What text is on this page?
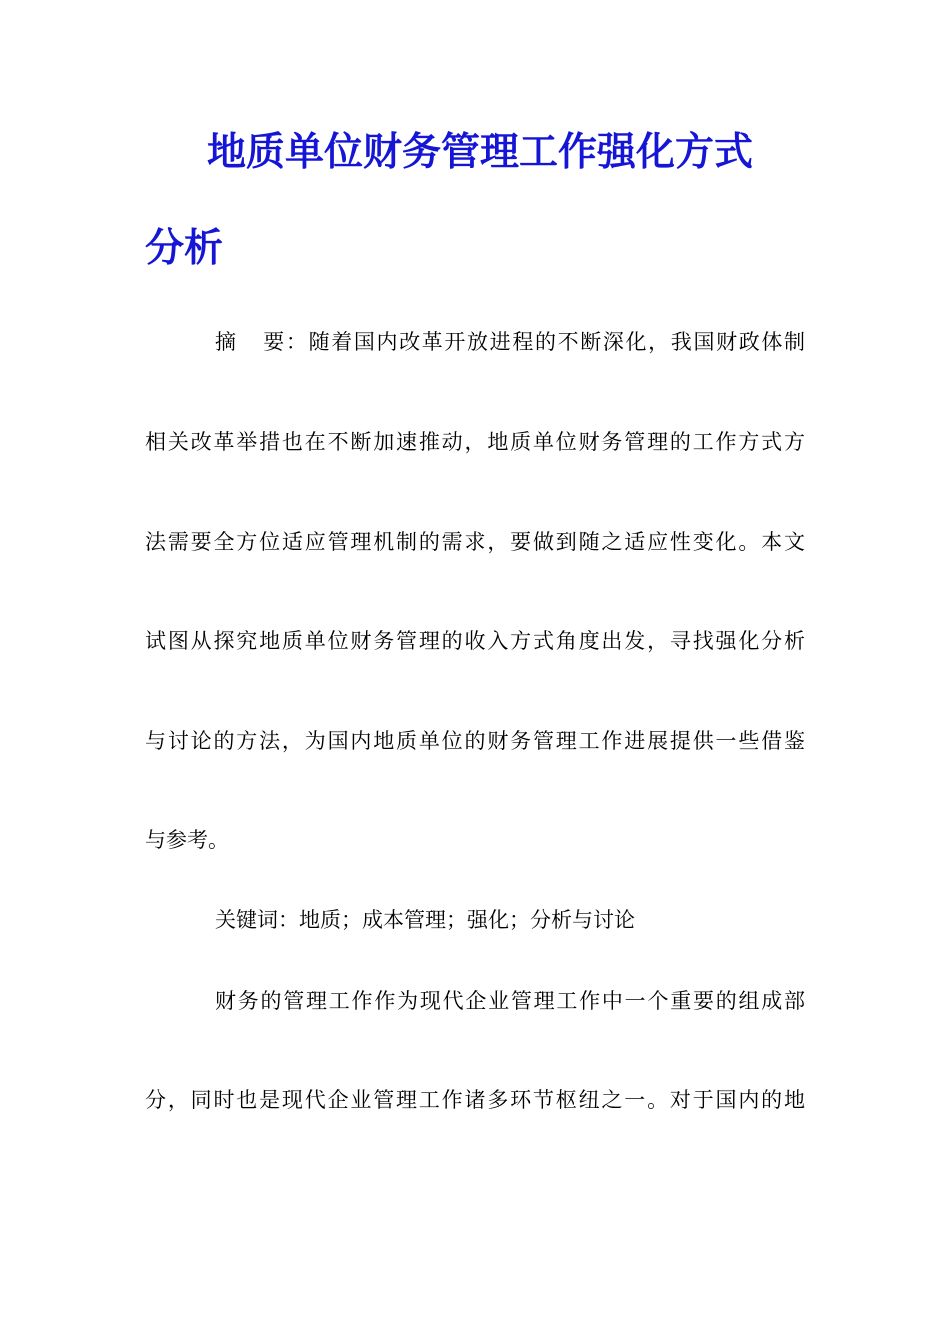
地质单位财务管理工作强化方式
分析

摘 要：随着国内改革开放进程的不断深化，我国财政体制

相关改革举措也在不断加速推动，地质单位财务管理的工作方式方

法需要全方位适应管理机制的需求，要做到随之适应性变化。本文

试图从探究地质单位财务管理的收入方式角度出发，寻找强化分析

与讨论的方法，为国内地质单位的财务管理工作进展提供一些借鉴

与参考。

关键词：地质；成本管理；强化；分析与讨论

财务的管理工作作为现代企业管理工作中一个重要的组成部

分，同时也是现代企业管理工作诸多环节枢纽之一。对于国内的地
